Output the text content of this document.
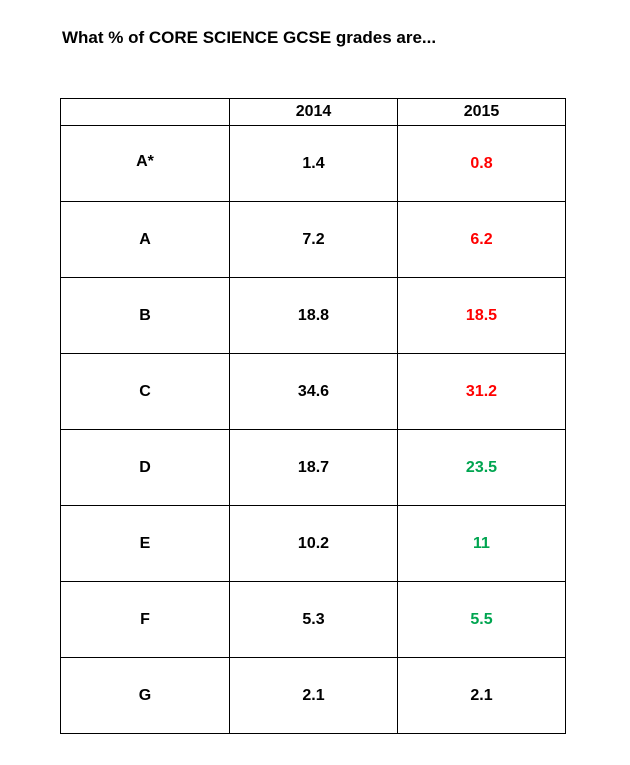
What % of CORE SCIENCE GCSE grades are...
	2014	2015
A*	1.4	0.8
A	7.2	6.2
B	18.8	18.5
C	34.6	31.2
D	18.7	23.5
E	10.2	11
F	5.3	5.5
G	2.1	2.1
